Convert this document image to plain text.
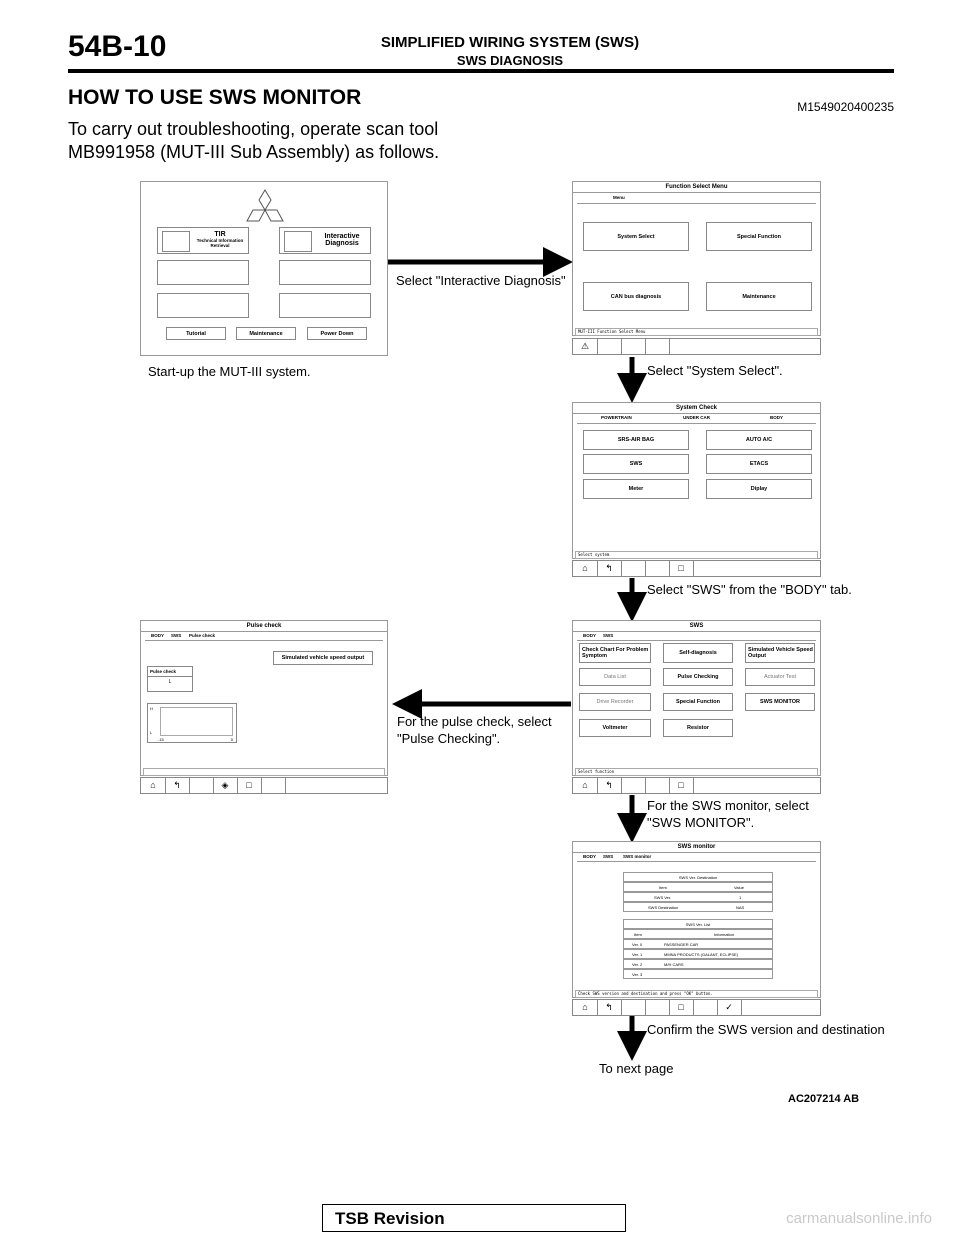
54B-10	SIMPLIFIED WIRING SYSTEM (SWS)
SWS DIAGNOSIS
HOW TO USE SWS MONITOR	M1549020400235
To carry out troubleshooting, operate scan tool MB991958 (MUT-III Sub Assembly) as follows.
TIR
Technical Information Retrieval
Interactive Diagnosis
Tutorial	Maintenance	Power Down
Start-up the MUT-III system.
Function Select Menu
Menu
System Select	Special Function
CAN bus diagnosis	Maintenance
MUT-III Function Select Menu
⚠
Select "Interactive Diagnosis"
Select "System Select".
System Check
POWERTRAIN	UNDER CAR	BODY
SRS-AIR BAG	AUTO A/C
SWS	ETACS
Meter	Diplay
Select system
⌂	↰	□
Select "SWS" from the "BODY" tab.
SWS
BODY SWS
Check Chart For Problem Symptom	Self-diagnosis	Simulated Vehicle Speed Output
Data List	Pulse Checking	Actuator Test
Drive Recorder	Special Function	SWS MONITOR
Voltmeter	Resistor
Select function
⌂	↰	□
For the pulse check, select "Pulse Checking".
For the SWS monitor, select "SWS MONITOR".
Pulse check
BODY SWS Pulse check
Simulated vehicle speed output
Pulse check
L
H
L
-15	0
⌂	↰	◈	□
SWS monitor
BODY SWS SWS monitor
SWS Ver. Destination
Item	Value
SWS Ver.	1
SWS Destination	NAS
SWS Ver. List
Item	Information
Ver. 0	PASSENGER CAR
Ver. 1	MMNA PRODUCTS (GALANT, ECLIPSE)
Ver. 2	M/H CARS
Ver. 3
Check SWS version and destination and press "OK" button.
⌂	↰	□	✓
Confirm the SWS version and destination
To next page
AC207214 AB
TSB Revision	carmanualsonline.info
